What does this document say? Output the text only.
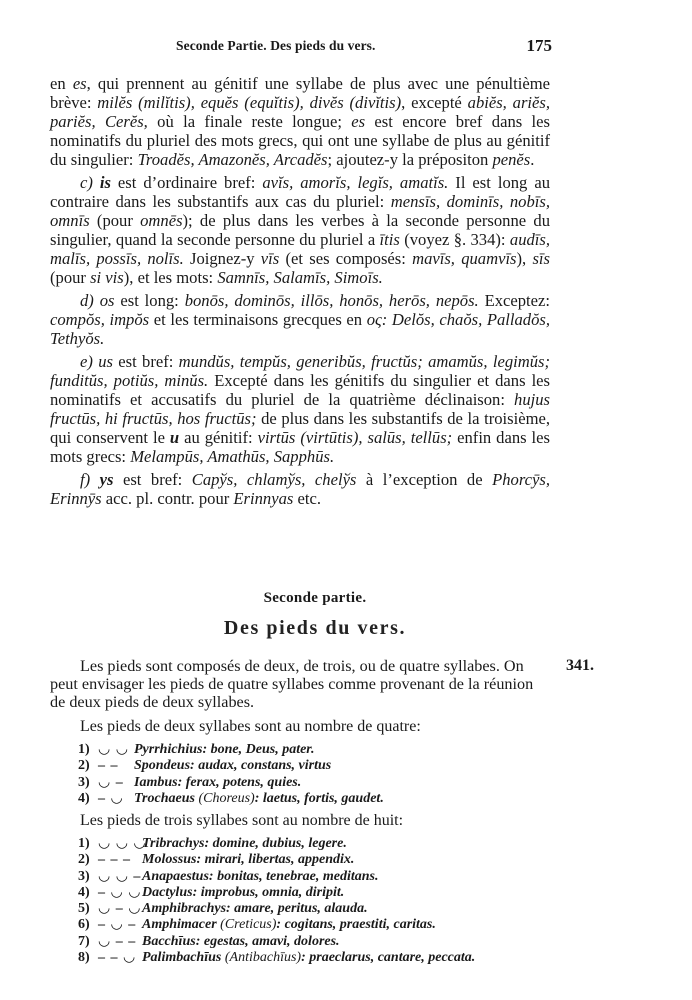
Seconde Partie. Des pieds du vers.	175

en es, qui prennent au génitif une syllabe de plus avec une pénultième brève: milĕs (milĭtis), equĕs (equĭtis), divĕs (divĭtis), excepté abiĕs, ariĕs, pariĕs, Cerĕs, où la finale reste longue; es est encore bref dans les nominatifs du pluriel des mots grecs, qui ont une syllabe de plus au génitif du singulier: Troadĕs, Amazonĕs, Arcadĕs; ajoutez-y la prépositon penĕs.

c) is est d’ordinaire bref: avĭs, amorĭs, legĭs, amatĭs. Il est long au contraire dans les substantifs aux cas du pluriel: mensīs, dominīs, nobīs, omnīs (pour omnēs); de plus dans les verbes à la seconde personne du singulier, quand la seconde personne du pluriel a ītis (voyez §. 334): audīs, malīs, possīs, nolīs. Joignez-y vīs (et ses composés: mavīs, quamvīs), sīs (pour si vis), et les mots: Samnīs, Salamīs, Simoīs.

d) os est long: bonōs, dominōs, illōs, honōs, herōs, nepōs. Exceptez: compŏs, impŏs et les terminaisons grecques en ος: Delŏs, chaŏs, Palladŏs, Tethyŏs.

e) us est bref: mundŭs, tempŭs, generibŭs, fructŭs; amamŭs, legimŭs; funditŭs, potiŭs, minŭs. Excepté dans les génitifs du singulier et dans les nominatifs et accusatifs du pluriel de la quatrième déclinaison: hujus fructūs, hi fructūs, hos fructūs; de plus dans les substantifs de la troisième, qui conservent le u au génitif: virtūs (virtūtis), salūs, tellūs; enfin dans les mots grecs: Melampūs, Amathūs, Sapphūs.

f) ys est bref: Capўs, chlamўs, chelўs à l’exception de Phorcȳs, Erinnȳs acc. pl. contr. pour Erinnyas etc.

Seconde partie.
Des pieds du vers.
341.

Les pieds sont composés de deux, de trois, ou de quatre syllabes. On peut envisager les pieds de quatre syllabes comme provenant de la réunion de deux pieds de deux syllabes.

Les pieds de deux syllabes sont au nombre de quatre:
1) ◡ ◡ Pyrrhichius: bone, Deus, pater.
2) – – Spondeus: audax, constans, virtus
3) ◡ – Iambus: ferax, potens, quies.
4) – ◡ Trochaeus (Choreus): laetus, fortis, gaudet.
Les pieds de trois syllabes sont au nombre de huit:
1) ◡ ◡ ◡Tribrachys: domine, dubius, legere.
2) – – – Molossus: mirari, libertas, appendix.
3) ◡ ◡ –Anapaestus: bonitas, tenebrae, meditans.
4) – ◡ ◡Dactylus: improbus, omnia, diripit.
5) ◡ – ◡Amphibrachys: amare, peritus, alauda.
6) – ◡ – Amphimacer (Creticus): cogitans, praestiti, caritas.
7) ◡ – – Bacchīus: egestas, amavi, dolores.
8) – – ◡ Palimbachīus (Antibachīus): praeclarus, cantare, peccata.
